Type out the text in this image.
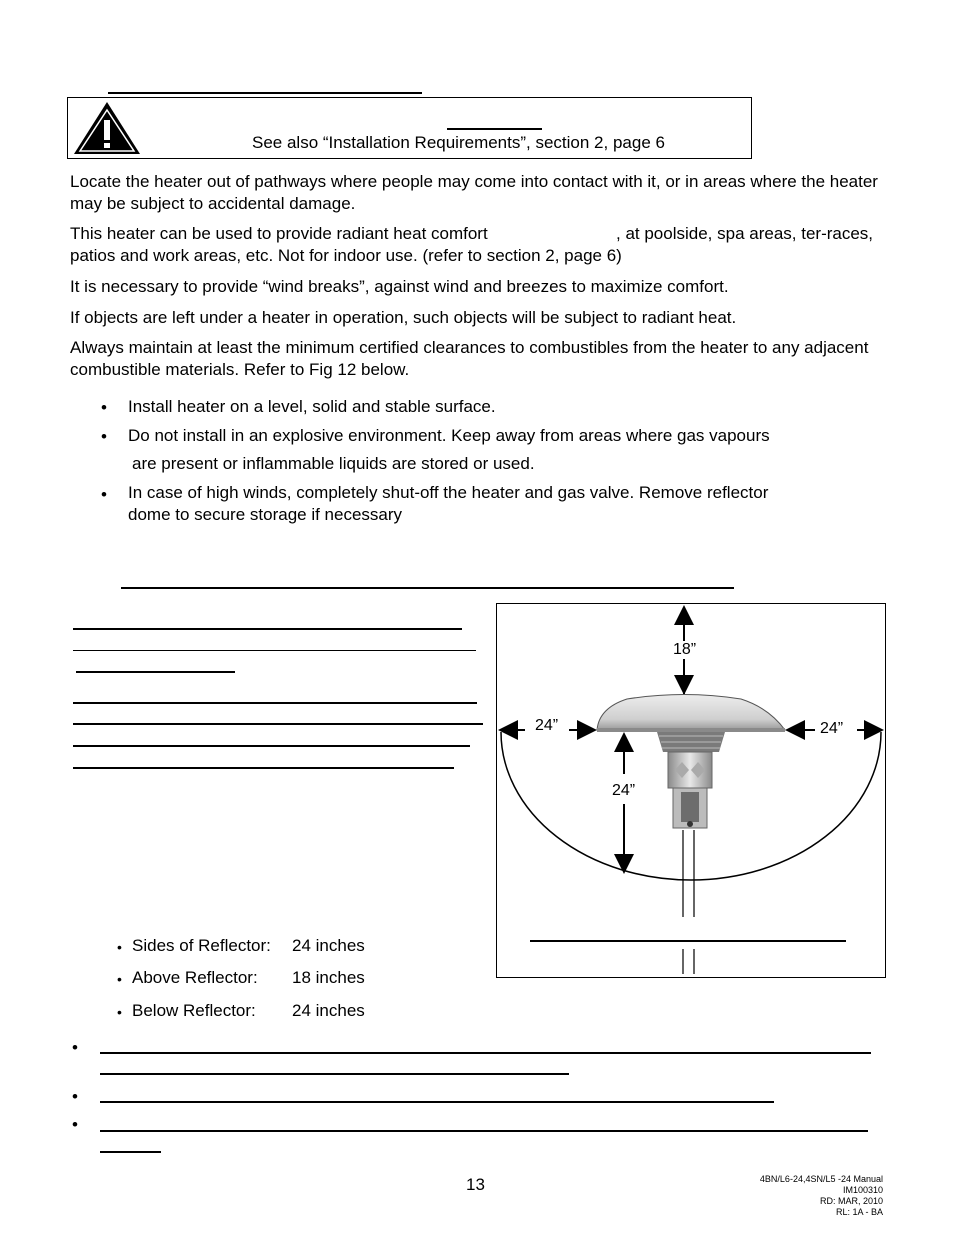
See also “Installation Requirements”, section 2, page 6
Locate the heater out of pathways where people may come into contact with it, or in areas where the heater may be subject to accidental damage.
This heater can be used to provide radiant heat comfort	, at poolside, spa areas, ter-races, patios and work areas, etc. Not for indoor use. (refer to section 2, page 6)
It is necessary to provide “wind breaks”, against wind and breezes to maximize comfort.
If objects are left under a heater in operation, such objects will be subject to radiant heat.
Always maintain at least the minimum certified clearances to combustibles from the heater to any adjacent combustible materials. Refer to Fig 12 below.
• Install heater on a level, solid and stable surface.
• Do not install in an explosive environment. Keep away from areas where gas vapours
are present or inflammable liquids are stored or used.
• In case of high winds, completely shut-off the heater and gas valve. Remove reflector
dome to secure storage if necessary
• Sides of Reflector: 24 inches
• Above Reflector: 18 inches
• Below Reflector: 24 inches
18”
24”	24”
24”
•
•
•
13	4BN/L6-24,4SN/L5 -24 Manual
IM100310
RD: MAR, 2010
RL: 1A - BA
